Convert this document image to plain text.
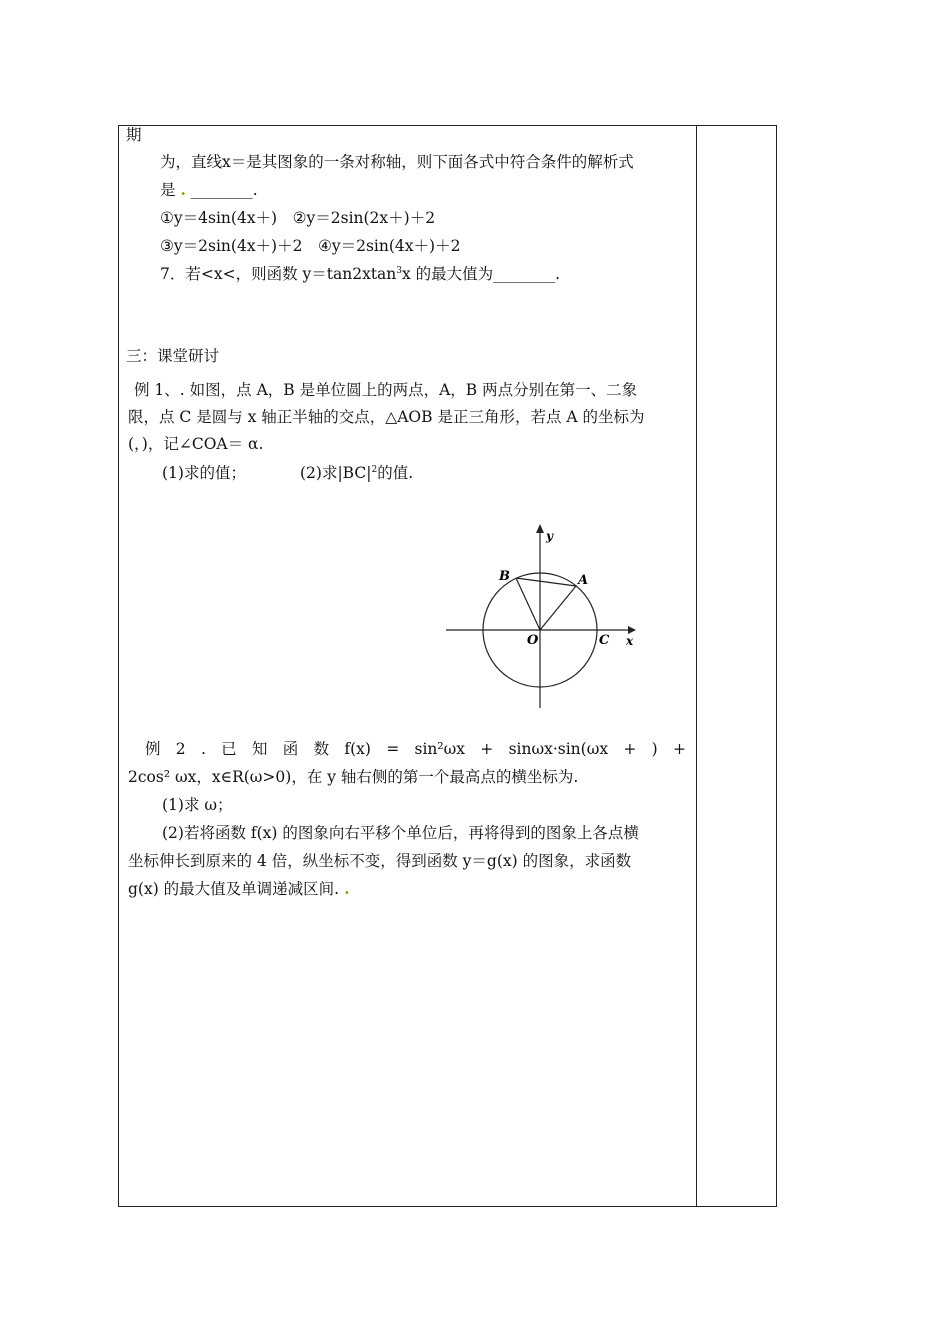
期
为，直线x＝是其图象的一条对称轴，则下面各式中符合条件的解析式
是 . ________.
①y＝4sin(4x＋)　②y＝2sin(2x＋)＋2
③y＝2sin(4x＋)＋2　④y＝2sin(4x＋)＋2
7．若<x<，则函数 y＝tan2xtan$^3$x 的最大值为________.
三：课堂研讨
例 1、. 如图，点 A，B 是单位圆上的两点，A，B 两点分别在第一、二象
限，点 C 是圆与 x 轴正半轴的交点，△AOB 是正三角形，若点 A 的坐标为
(，)，记∠COA＝ α.
(1)求的值；	(2)求$|BC|^2$的值.
y
x
B	A
O	C
例 2 . 已 知 函 数 f(x) = sin²ωx + sinωx·sin(ωx + ) +
2cos² ωx，x∈R(ω>0)，在 y 轴右侧的第一个最高点的横坐标为.
(1)求 ω；
(2)若将函数 f(x) 的图象向右平移个单位后，再将得到的图象上各点横
坐标伸长到原来的 4 倍，纵坐标不变，得到函数 y＝g(x) 的图象，求函数
g(x) 的最大值及单调递减区间. .
